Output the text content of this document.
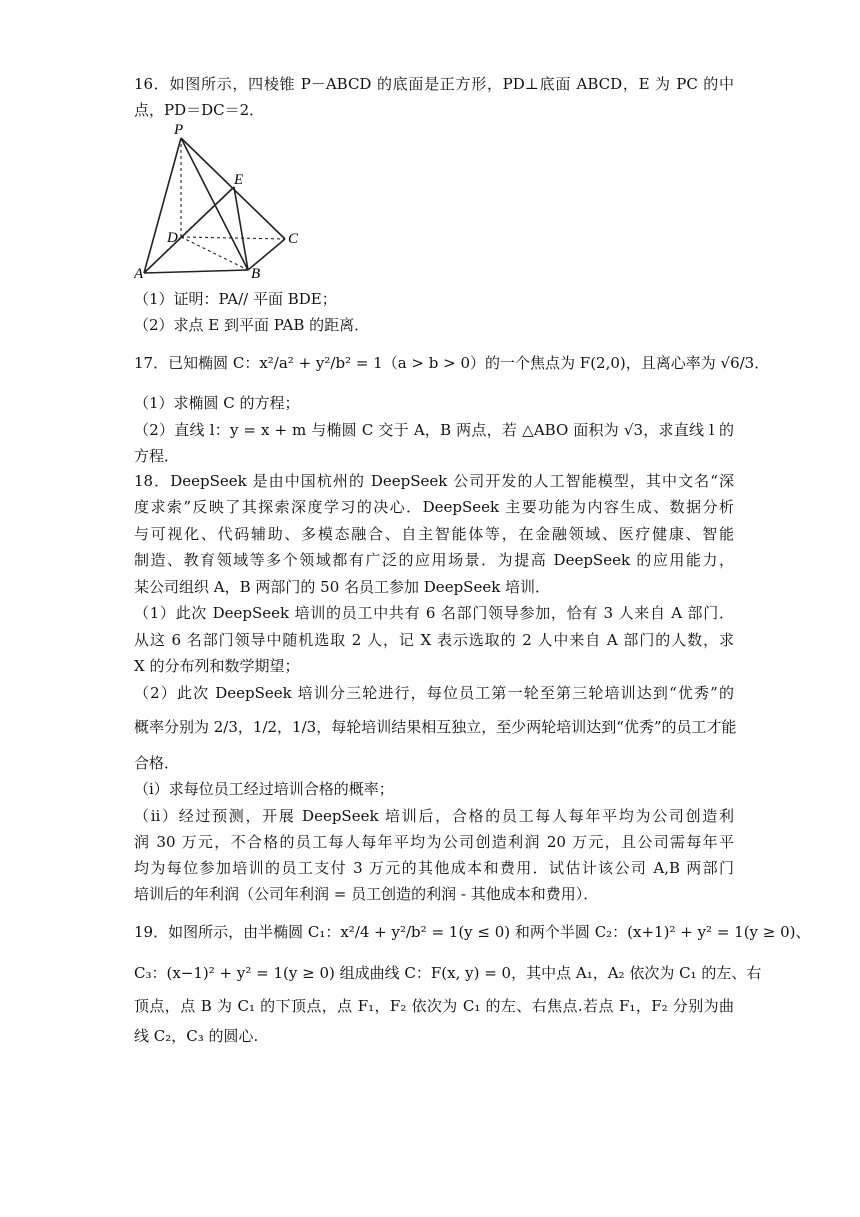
16．如图所示，四棱锥 P－ABCD 的底面是正方形，PD⊥底面 ABCD，E 为 PC 的中
点，PD＝DC＝2．
P
E
D	C
A	B
（1）证明：PA// 平面 BDE；
（2）求点 E 到平面 PAB 的距离．
17．已知椭圆 C：x²/a² + y²/b² = 1（a > b > 0）的一个焦点为 F(2,0)，且离心率为 √6/3．
（1）求椭圆 C 的方程；
（2）直线 l：y = x + m 与椭圆 C 交于 A，B 两点，若 △ABO 面积为 √3，求直线 l 的
方程．
18．DeepSeek 是由中国杭州的 DeepSeek 公司开发的人工智能模型，其中文名“深
度求索”反映了其探索深度学习的决心．DeepSeek 主要功能为内容生成、数据分析
与可视化、代码辅助、多模态融合、自主智能体等，在金融领域、医疗健康、智能
制造、教育领域等多个领域都有广泛的应用场景．为提高 DeepSeek 的应用能力，
某公司组织 A，B 两部门的 50 名员工参加 DeepSeek 培训．
（1）此次 DeepSeek 培训的员工中共有 6 名部门领导参加，恰有 3 人来自 A 部门．
从这 6 名部门领导中随机选取 2 人，记 X 表示选取的 2 人中来自 A 部门的人数，求
X 的分布列和数学期望；
（2）此次 DeepSeek 培训分三轮进行，每位员工第一轮至第三轮培训达到“优秀”的
概率分别为 2/3，1/2，1/3，每轮培训结果相互独立，至少两轮培训达到“优秀”的员工才能
合格．
（ⅰ）求每位员工经过培训合格的概率；
（ⅱ）经过预测，开展 DeepSeek 培训后，合格的员工每人每年平均为公司创造利
润 30 万元，不合格的员工每人每年平均为公司创造利润 20 万元，且公司需每年平
均为每位参加培训的员工支付 3 万元的其他成本和费用．试估计该公司 A,B 两部门
培训后的年利润（公司年利润 = 员工创造的利润 - 其他成本和费用）．
19．如图所示，由半椭圆 C₁：x²/4 + y²/b² = 1(y ≤ 0) 和两个半圆 C₂：(x+1)² + y² = 1(y ≥ 0)、
C₃：(x−1)² + y² = 1(y ≥ 0) 组成曲线 C：F(x, y) = 0，其中点 A₁，A₂ 依次为 C₁ 的左、右
顶点，点 B 为 C₁ 的下顶点，点 F₁，F₂ 依次为 C₁ 的左、右焦点.若点 F₁，F₂ 分别为曲
线 C₂，C₃ 的圆心.
